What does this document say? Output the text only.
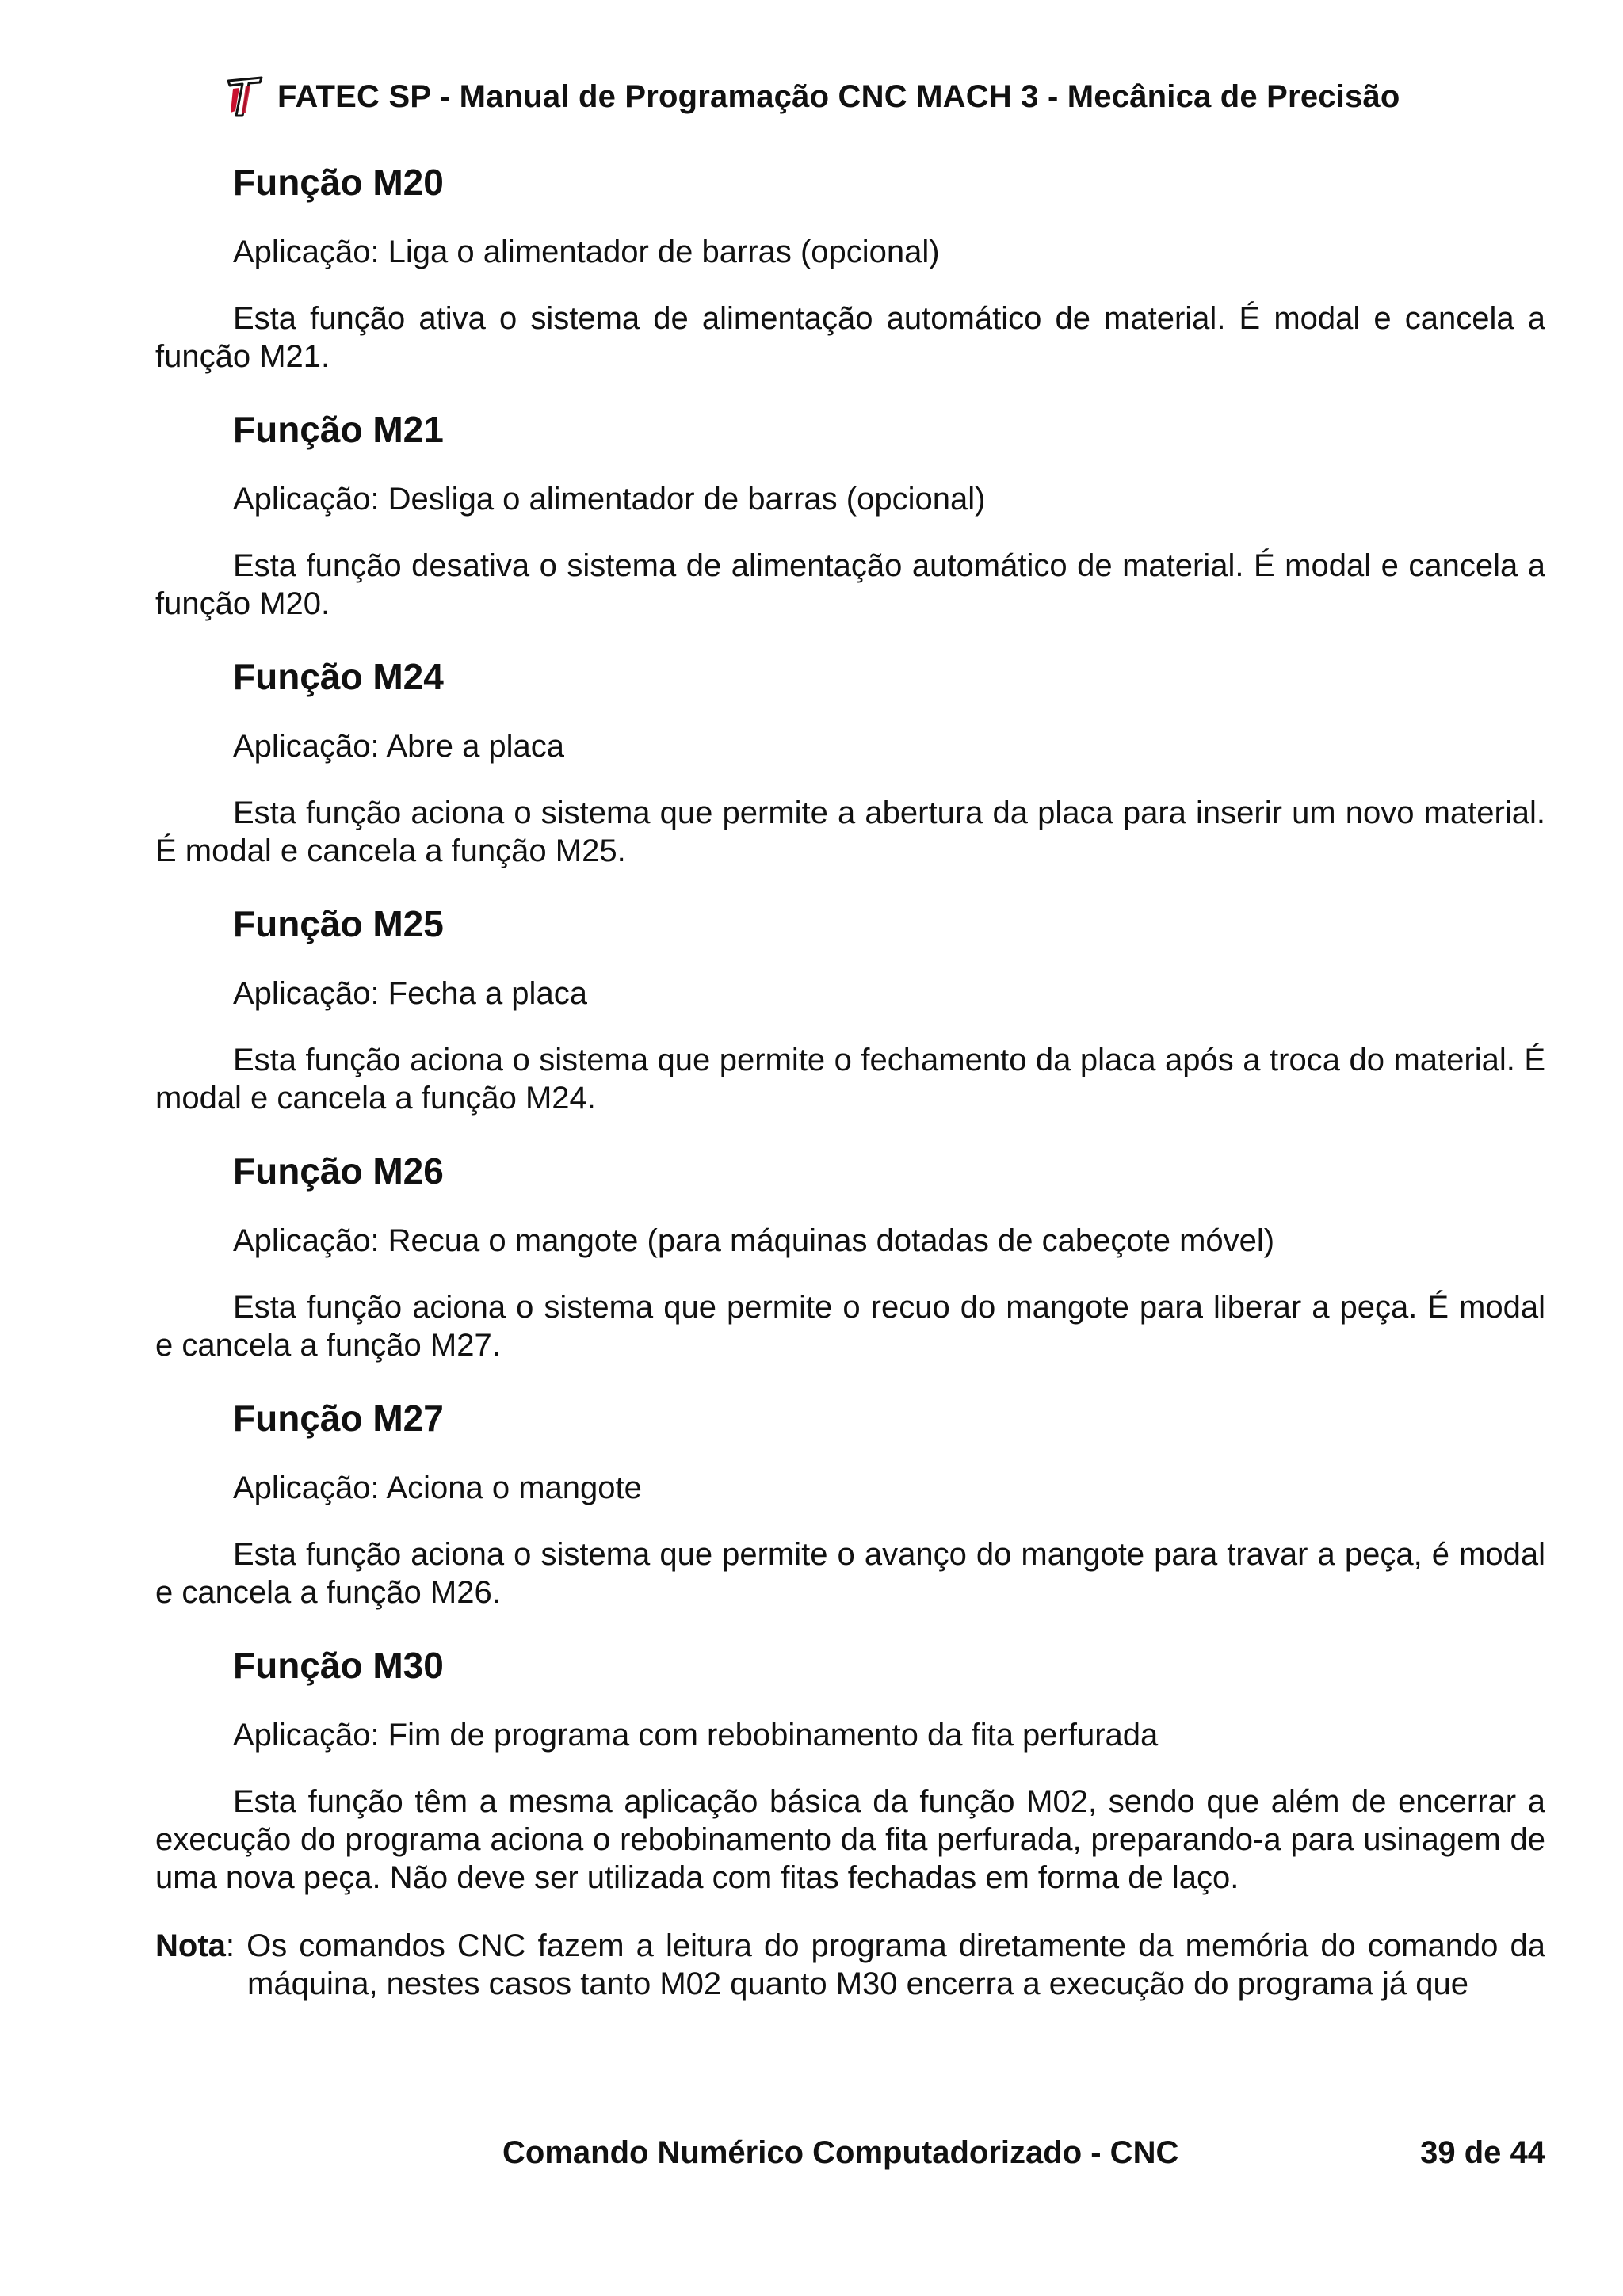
FATEC SP - Manual de Programação CNC MACH 3 - Mecânica de Precisão
Função M20
Aplicação: Liga o alimentador de barras (opcional)
Esta função ativa o sistema de alimentação automático de material. É modal e cancela a função M21.
Função M21
Aplicação: Desliga o alimentador de barras (opcional)
Esta função desativa o sistema de alimentação automático de material. É modal e cancela a função M20.
Função M24
Aplicação: Abre a placa
Esta função aciona o sistema que permite a abertura da placa para inserir um novo material. É modal e cancela a função M25.
Função M25
Aplicação: Fecha a placa
Esta função aciona o sistema que permite o fechamento da placa após a troca do material. É modal e cancela a função M24.
Função M26
Aplicação: Recua o mangote (para máquinas dotadas de cabeçote móvel)
Esta função aciona o sistema que permite o recuo do mangote para liberar a peça. É modal e cancela a função M27.
Função M27
Aplicação: Aciona o mangote
Esta função aciona o sistema que permite o avanço do mangote para travar a peça, é modal e cancela a função M26.
Função M30
Aplicação: Fim de programa com rebobinamento da fita perfurada
Esta função têm a mesma aplicação básica da função M02, sendo que além de encerrar a execução do programa aciona o rebobinamento da fita perfurada, preparando-a para usinagem de uma nova peça. Não deve ser utilizada com fitas fechadas em forma de laço.

Nota: Os comandos CNC fazem a leitura do programa diretamente da memória do comando da máquina, nestes casos tanto M02 quanto M30 encerra a execução do programa já que

Comando Numérico Computadorizado - CNC	39 de 44
